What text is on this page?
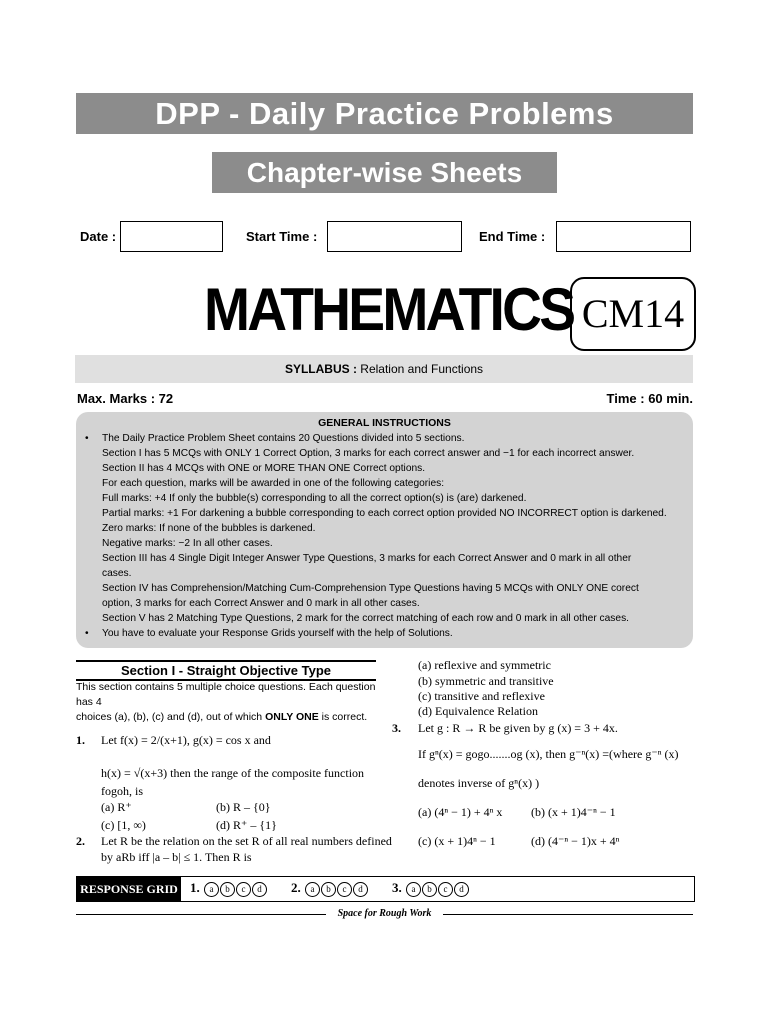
DPP - Daily Practice Problems
Chapter-wise Sheets
Date :	Start Time :	End Time :
MATHEMATICS CM14
SYLLABUS : Relation and Functions
Max. Marks : 72	Time : 60 min.
GENERAL INSTRUCTIONS
• The Daily Practice Problem Sheet contains 20 Questions divided into 5 sections.
Section I has 5 MCQs with ONLY 1 Correct Option, 3 marks for each correct answer and −1 for each incorrect answer.
Section II has 4 MCQs with ONE or MORE THAN ONE Correct options.
For each question, marks will be awarded in one of the following categories:
Full marks: +4 If only the bubble(s) corresponding to all the correct option(s) is (are) darkened.
Partial marks: +1 For darkening a bubble corresponding to each correct option provided NO INCORRECT option is darkened.
Zero marks: If none of the bubbles is darkened.
Negative marks: −2 In all other cases.
Section III has 4 Single Digit Integer Answer Type Questions, 3 marks for each Correct Answer and 0 mark in all other
cases.
Section IV has Comprehension/Matching Cum-Comprehension Type Questions having 5 MCQs with ONLY ONE corect
option, 3 marks for each Correct Answer and 0 mark in all other cases.
Section V has 2 Matching Type Questions, 2 mark for the correct matching of each row and 0 mark in all other cases.
• You have to evaluate your Response Grids yourself with the help of Solutions.
Section I - Straight Objective Type
This section contains 5 multiple choice questions. Each question has 4
choices (a), (b), (c) and (d), out of which ONLY ONE is correct.
1. Let f(x) = 2/(x+1), g(x) = cos x and
h(x) = √(x+3) then the range of the composite function
fogoh, is
(a) R⁺	(b) R – {0}
(c) [1, ∞)	(d) R⁺ – {1}
2. Let R be the relation on the set R of all real numbers defined
by aRb iff |a – b| ≤ 1. Then R is
(a) reflexive and symmetric
(b) symmetric and transitive
(c) transitive and reflexive
(d) Equivalence Relation
3. Let g : R → R be given by g (x) = 3 + 4x.
If gⁿ(x) = gogo.......og (x), then g⁻ⁿ(x) =(where g⁻ⁿ (x)
denotes inverse of gⁿ(x) )
(a) (4ⁿ − 1) + 4ⁿ x (b) (x + 1)4⁻ⁿ − 1
(c) (x + 1)4ⁿ − 1	(d) (4⁻ⁿ − 1)x + 4ⁿ
RESPONSE GRID 1. a b c d	2. a b c d	3. a b c d
Space for Rough Work
